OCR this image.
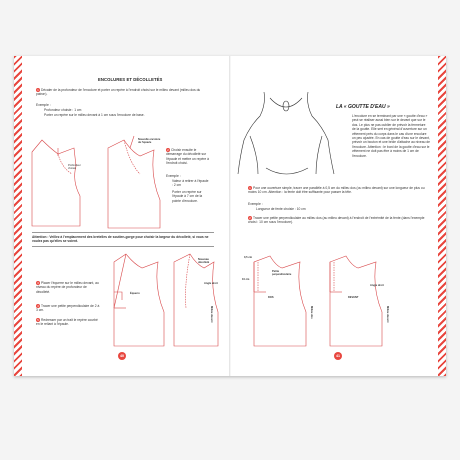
ENCOLURES ET DÉCOLLETÉS
1 Décaler de la profondeur de l'encolure et porter un repère à l'endroit choisi sur le milieu devant (milieu dos du patron).
Exemple :
Profondeur choisie : 1 cm
Porter un repère sur le milieu devant à 1 cm sous l'encolure de base.
Profondeur choisie
Nouvelle encolure de l'épaule
2 Choisir ensuite le démarrage du décolleté sur l'épaule et mettre un repère à l'endroit choisi.
Exemple :
Valeur à retirer à l'épaule : 2 cm
Porter un repère sur l'épaule à 7 cm de la pointe d'encolure.
Attention : Veillez à l'emplacement des bretelles de soutien-gorge pour choisir la largeur du décolleté, si vous ne voulez pas qu'elles se voient.
3 Placer l'équerre sur le milieu devant, au niveau du repère de profondeur de décolleté.
4 Tracer une petite perpendiculaire de 2 à 3 cm.
5 Redresser par un trait le repère courbé en le reliant à l'épaule.
Équerre
Nouveau décolleté
Angle droit
Milieu devant
40
LA « GOUTTE D'EAU »
L'encolure en se terminant par une « goutte d'eau » peut se réaliser aussi bien sur le devant que sur le dos. Le plus ne pas oublier de prévoir la fermeture de la goutte. Elle sert en général d'ouverture sur un vêtement près du corps dans le cas d'une encolure un peu ajustée. En cas de goutte d'eau sur le devant, prévoir un bouton et une bride d'attache au niveau de l'encolure. Attention : le bord de la goutte d'eau sur le vêtement ne doit pas être à moins de 1 cm de l'encolure.
1 Pour une ouverture simple, tracer une parallèle à 0,5 cm du milieu dos (ou milieu devant) sur une longueur de plus ou moins 10 cm. Attention : la fente doit être suffisante pour passer la tête.
Exemple :
Longueur de fente choisie : 10 cm
2 Tracer une petite perpendiculaire au milieu dos (au milieu devant) à l'endroit de l'extrémité de la fente (dans l'exemple choisi : 10 cm sous l'encolure).
0,5 cm
Petite perpendiculaire
10 cm
DOS	DEVANT
Angle droit
Milieu dos	Milieu devant
41
